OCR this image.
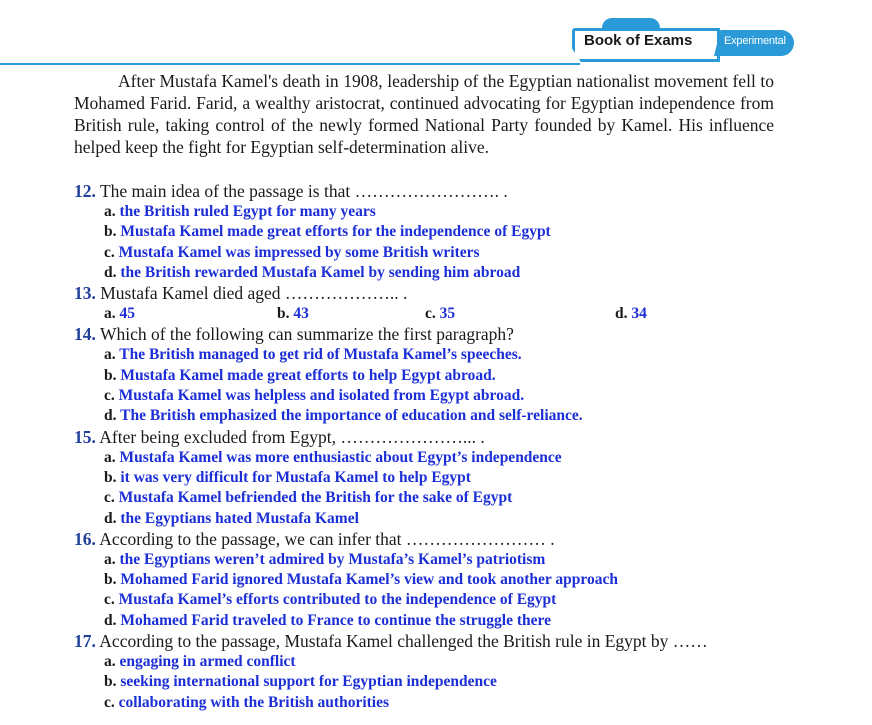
Book of Exams	Experimental
After Mustafa Kamel's death in 1908, leadership of the Egyptian nationalist movement fell to Mohamed Farid. Farid, a wealthy aristocrat, continued advocating for Egyptian independence from British rule, taking control of the newly formed National Party founded by Kamel. His influence helped keep the fight for Egyptian self-determination alive.
12. The main idea of the passage is that ……………………. .
a. the British ruled Egypt for many years
b. Mustafa Kamel made great efforts for the independence of Egypt
c. Mustafa Kamel was impressed by some British writers
d. the British rewarded Mustafa Kamel by sending him abroad
13. Mustafa Kamel died aged ……………….. .
a. 45	b. 43	c. 35	d. 34
14. Which of the following can summarize the first paragraph?
a. The British managed to get rid of Mustafa Kamel’s speeches.
b. Mustafa Kamel made great efforts to help Egypt abroad.
c. Mustafa Kamel was helpless and isolated from Egypt abroad.
d. The British emphasized the importance of education and self-reliance.
15. After being excluded from Egypt, …………………... .
a. Mustafa Kamel was more enthusiastic about Egypt’s independence
b. it was very difficult for Mustafa Kamel to help Egypt
c. Mustafa Kamel befriended the British for the sake of Egypt
d. the Egyptians hated Mustafa Kamel
16. According to the passage, we can infer that …………………… .
a. the Egyptians weren’t admired by Mustafa’s Kamel’s patriotism
b. Mohamed Farid ignored Mustafa Kamel’s view and took another approach
c. Mustafa Kamel’s efforts contributed to the independence of Egypt
d. Mohamed Farid traveled to France to continue the struggle there
17. According to the passage, Mustafa Kamel challenged the British rule in Egypt by ……
a. engaging in armed conflict
b. seeking international support for Egyptian independence
c. collaborating with the British authorities
